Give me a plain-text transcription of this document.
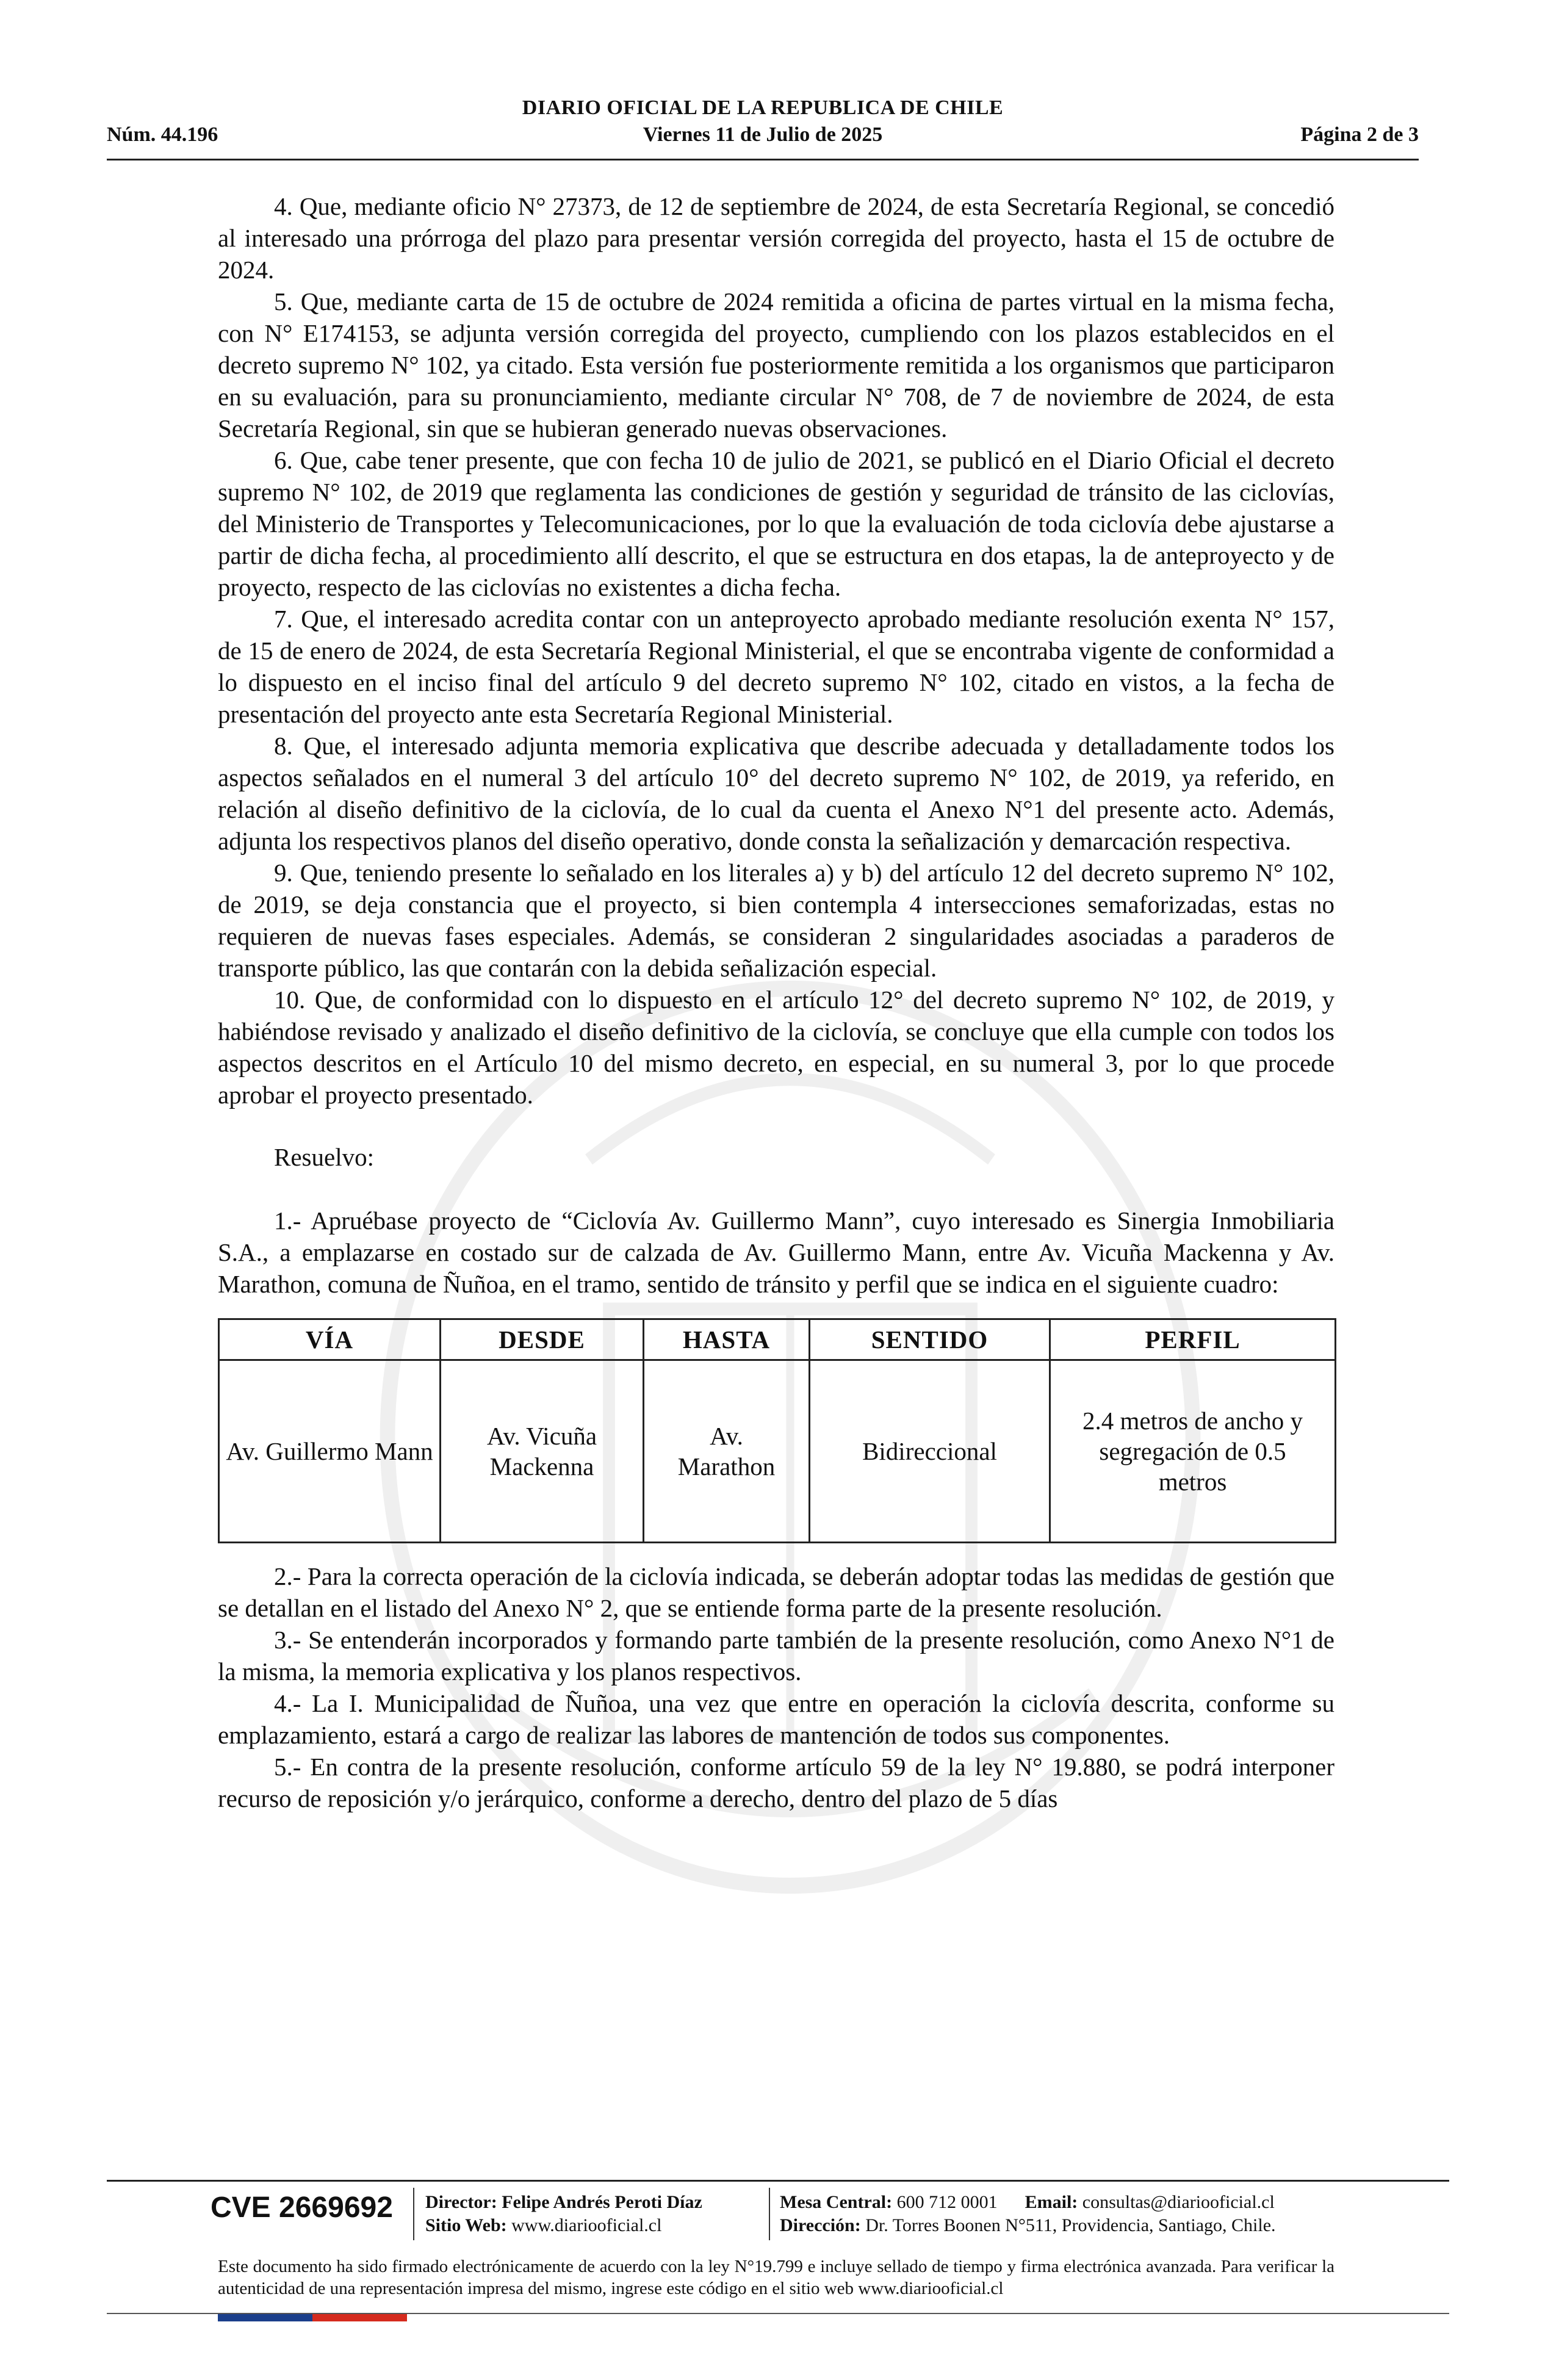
DIARIO OFICIAL DE LA REPUBLICA DE CHILE
Núm. 44.196	Viernes 11 de Julio de 2025	Página 2 de 3

4. Que, mediante oficio N° 27373, de 12 de septiembre de 2024, de esta Secretaría Regional, se concedió al interesado una prórroga del plazo para presentar versión corregida del proyecto, hasta el 15 de octubre de 2024.

5. Que, mediante carta de 15 de octubre de 2024 remitida a oficina de partes virtual en la misma fecha, con N° E174153, se adjunta versión corregida del proyecto, cumpliendo con los plazos establecidos en el decreto supremo N° 102, ya citado. Esta versión fue posteriormente remitida a los organismos que participaron en su evaluación, para su pronunciamiento, mediante circular N° 708, de 7 de noviembre de 2024, de esta Secretaría Regional, sin que se hubieran generado nuevas observaciones.

6. Que, cabe tener presente, que con fecha 10 de julio de 2021, se publicó en el Diario Oficial el decreto supremo N° 102, de 2019 que reglamenta las condiciones de gestión y seguridad de tránsito de las ciclovías, del Ministerio de Transportes y Telecomunicaciones, por lo que la evaluación de toda ciclovía debe ajustarse a partir de dicha fecha, al procedimiento allí descrito, el que se estructura en dos etapas, la de anteproyecto y de proyecto, respecto de las ciclovías no existentes a dicha fecha.

7. Que, el interesado acredita contar con un anteproyecto aprobado mediante resolución exenta N° 157, de 15 de enero de 2024, de esta Secretaría Regional Ministerial, el que se encontraba vigente de conformidad a lo dispuesto en el inciso final del artículo 9 del decreto supremo N° 102, citado en vistos, a la fecha de presentación del proyecto ante esta Secretaría Regional Ministerial.

8. Que, el interesado adjunta memoria explicativa que describe adecuada y detalladamente todos los aspectos señalados en el numeral 3 del artículo 10° del decreto supremo N° 102, de 2019, ya referido, en relación al diseño definitivo de la ciclovía, de lo cual da cuenta el Anexo N°1 del presente acto. Además, adjunta los respectivos planos del diseño operativo, donde consta la señalización y demarcación respectiva.

9. Que, teniendo presente lo señalado en los literales a) y b) del artículo 12 del decreto supremo N° 102, de 2019, se deja constancia que el proyecto, si bien contempla 4 intersecciones semaforizadas, estas no requieren de nuevas fases especiales. Además, se consideran 2 singularidades asociadas a paraderos de transporte público, las que contarán con la debida señalización especial.

10. Que, de conformidad con lo dispuesto en el artículo 12° del decreto supremo N° 102, de 2019, y habiéndose revisado y analizado el diseño definitivo de la ciclovía, se concluye que ella cumple con todos los aspectos descritos en el Artículo 10 del mismo decreto, en especial, en su numeral 3, por lo que procede aprobar el proyecto presentado.

Resuelvo:

1.- Apruébase proyecto de “Ciclovía Av. Guillermo Mann”, cuyo interesado es Sinergia Inmobiliaria S.A., a emplazarse en costado sur de calzada de Av. Guillermo Mann, entre Av. Vicuña Mackenna y Av. Marathon, comuna de Ñuñoa, en el tramo, sentido de tránsito y perfil que se indica en el siguiente cuadro:

VÍA	DESDE	HASTA	SENTIDO	PERFIL
Av. Guillermo Mann	Av. Vicuña Mackenna	Av. Marathon	Bidireccional	2.4 metros de ancho y segregación de 0.5 metros

2.- Para la correcta operación de la ciclovía indicada, se deberán adoptar todas las medidas de gestión que se detallan en el listado del Anexo N° 2, que se entiende forma parte de la presente resolución.

3.- Se entenderán incorporados y formando parte también de la presente resolución, como Anexo N°1 de la misma, la memoria explicativa y los planos respectivos.

4.- La I. Municipalidad de Ñuñoa, una vez que entre en operación la ciclovía descrita, conforme su emplazamiento, estará a cargo de realizar las labores de mantención de todos sus componentes.

5.- En contra de la presente resolución, conforme artículo 59 de la ley N° 19.880, se podrá interponer recurso de reposición y/o jerárquico, conforme a derecho, dentro del plazo de 5 días

CVE 2669692 Director: Felipe Andrés Peroti Díaz
Sitio Web: www.diariooficial.cl
Mesa Central: 600 712 0001 Email: consultas@diariooficial.cl
Dirección: Dr. Torres Boonen N°511, Providencia, Santiago, Chile.
Este documento ha sido firmado electrónicamente de acuerdo con la ley N°19.799 e incluye sellado de tiempo y firma electrónica avanzada. Para verificar la autenticidad de una representación impresa del mismo, ingrese este código en el sitio web www.diariooficial.cl
